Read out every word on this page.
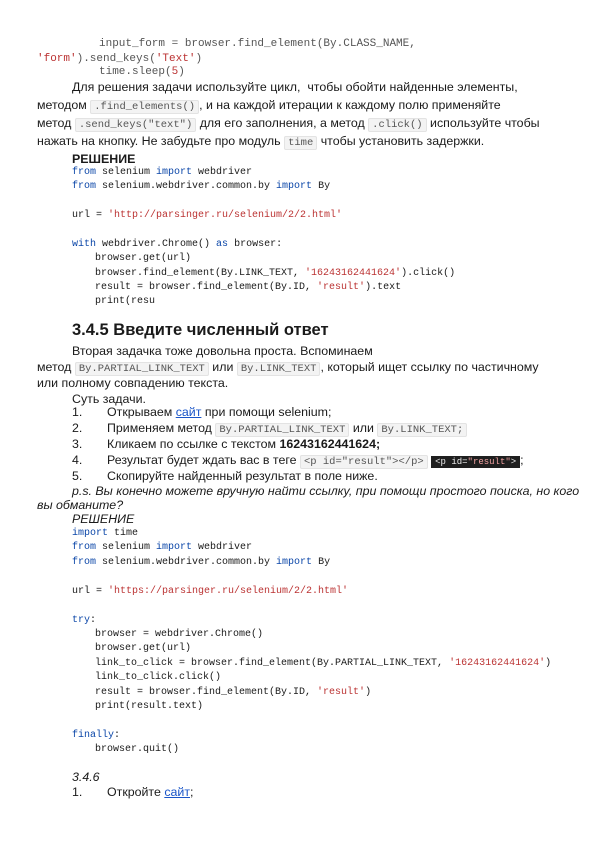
input_form = browser.find_element(By.CLASS_NAME,
'form').send_keys('Text')
time.sleep(5)
Для решения задачи используйте цикл,  чтобы обойти найденные элементы,
методом .find_elements() , и на каждой итерации к каждому полю применяйте
метод .send_keys("text") для его заполнения, а метод .click() используйте чтобы
нажать на кнопку. Не забудьте про модуль time чтобы установить задержки.
РЕШЕНИЕ
from selenium import webdriver
from selenium.webdriver.common.by import By
url = 'http://parsinger.ru/selenium/2/2.html'
with webdriver.Chrome() as browser:
browser.get(url)
browser.find_element(By.LINK_TEXT, '16243162441624').click()
result = browser.find_element(By.ID, 'result').text
print(resu
3.4.5 Введите численный ответ
Вторая задачка тоже довольна проста. Вспоминаем
метод By.PARTIAL_LINK_TEXT или By.LINK_TEXT , который ищет ссылку по частичному
или полному совпадению текста.
Суть задачи.
1. Открываем сайт при помощи selenium;
2. Применяем метод By.PARTIAL_LINK_TEXT или By.LINK_TEXT;
3. Кликаем по ссылке с текстом 16243162441624;
4. Результат будет ждать вас в теге <p id="result"></p> <p id="result"> ;
5. Скопируйте найденный результат в поле ниже.
p.s. Вы конечно можете вручную найти ссылку, при помощи простого поиска, но кого
вы обманите?
РЕШЕНИЕ
import time
from selenium import webdriver
from selenium.webdriver.common.by import By
url = 'https://parsinger.ru/selenium/2/2.html'
try:
browser = webdriver.Chrome()
browser.get(url)
link_to_click = browser.find_element(By.PARTIAL_LINK_TEXT, '16243162441624')
link_to_click.click()
result = browser.find_element(By.ID, 'result')
print(result.text)
finally:
browser.quit()
3.4.6
1. Откройте сайт;
